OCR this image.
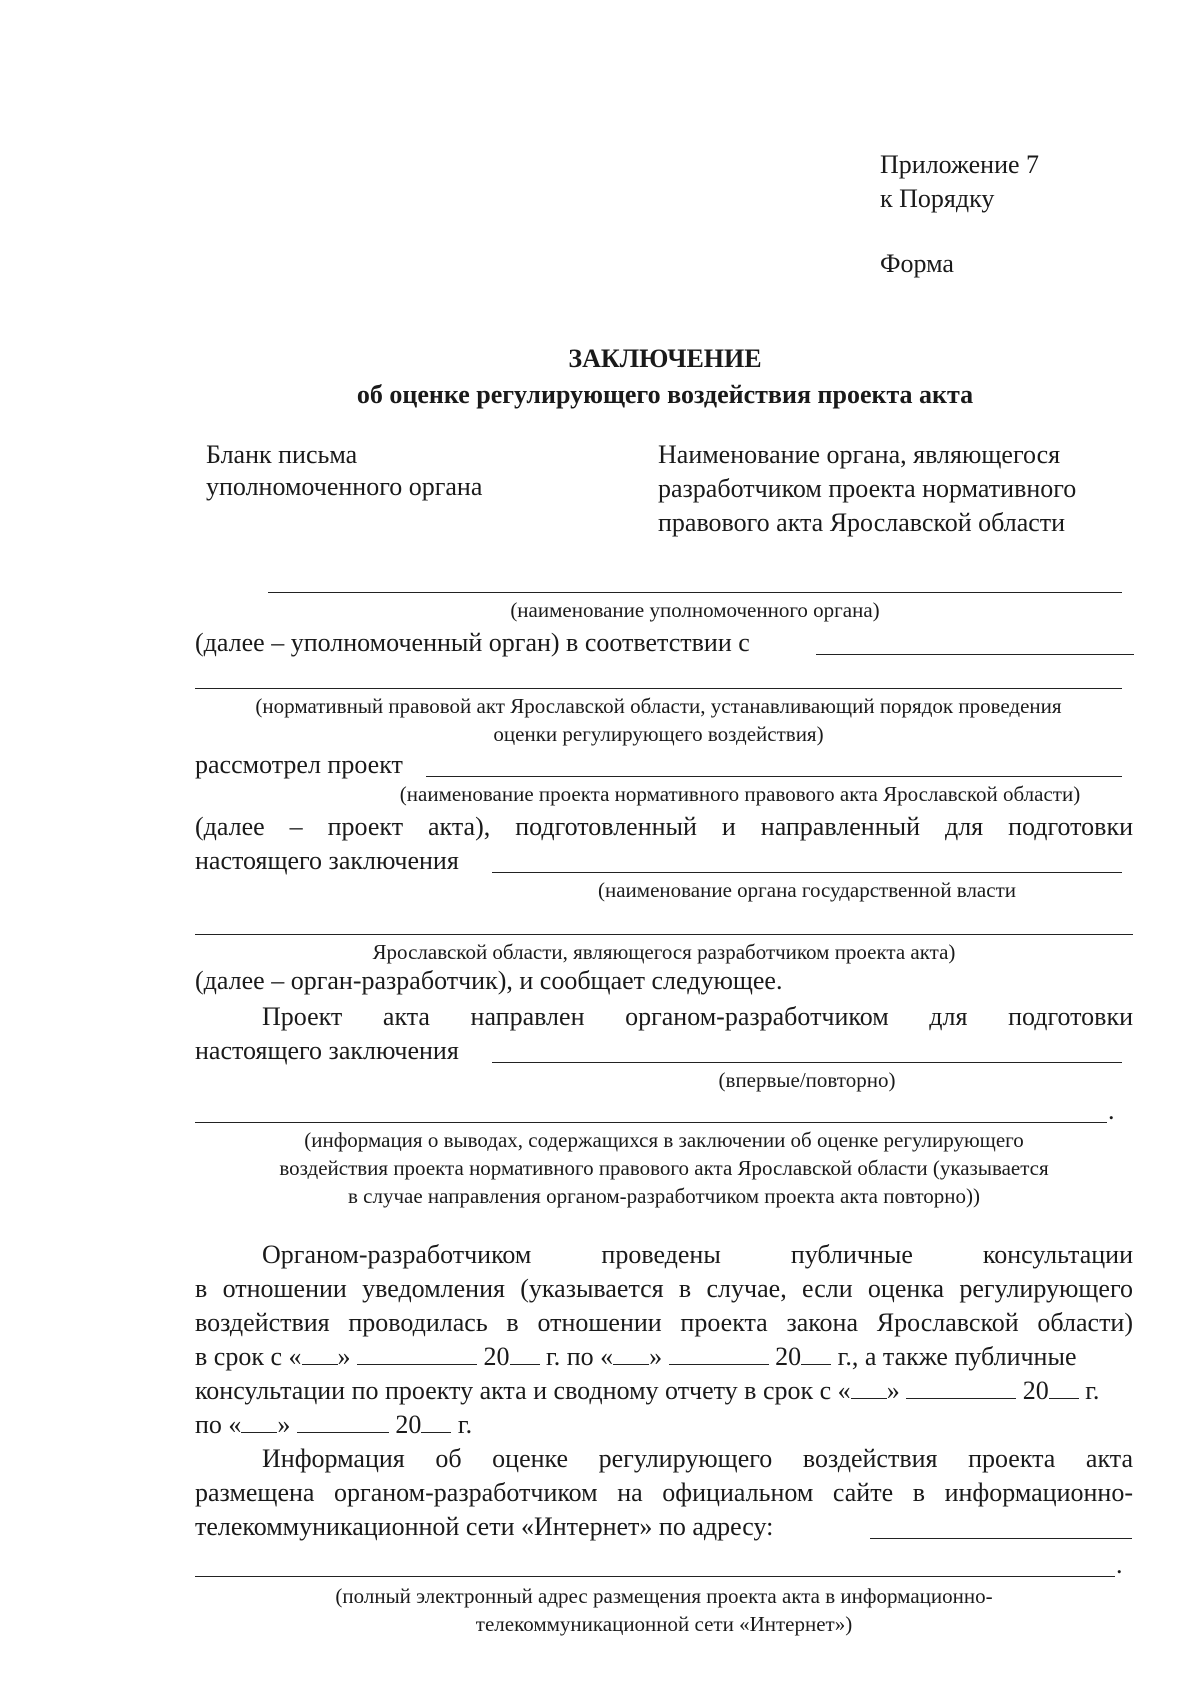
Приложение 7
к Порядку
Форма
ЗАКЛЮЧЕНИЕ
об оценке регулирующего воздействия проекта акта
Бланк письма
уполномоченного органа
Наименование органа, являющегося
разработчиком проекта нормативного
правового акта Ярославской области
(наименование уполномоченного органа)
(далее – уполномоченный орган) в соответствии с
(нормативный правовой акт Ярославской области, устанавливающий порядок проведения
оценки регулирующего воздействия)
рассмотрел проект
(наименование проекта нормативного правового акта Ярославской области)
(далее – проект акта), подготовленный и направленный для подготовки
настоящего заключения
(наименование органа государственной власти
Ярославской области, являющегося разработчиком проекта акта)
(далее – орган-разработчик), и сообщает следующее.
Проект акта направлен органом-разработчиком для подготовки
настоящего заключения
(впервые/повторно)
.
(информация о выводах, содержащихся в заключении об оценке регулирующего
воздействия проекта нормативного правового акта Ярославской области (указывается
в случае направления органом-разработчиком проекта акта повторно))
Органом-разработчиком проведены публичные консультации
в отношении уведомления (указывается в случае, если оценка регулирующего
воздействия проводилась в отношении проекта закона Ярославской области)
в срок с « »	20 г. по « »	20 г., а также публичные
консультации по проекту акта и сводному отчету в срок с « »	20 г.
по « »	20 г.
Информация об оценке регулирующего воздействия проекта акта
размещена органом-разработчиком на официальном сайте в информационно-
телекоммуникационной сети «Интернет» по адресу:
.
(полный электронный адрес размещения проекта акта в информационно-
телекоммуникационной сети «Интернет»)
